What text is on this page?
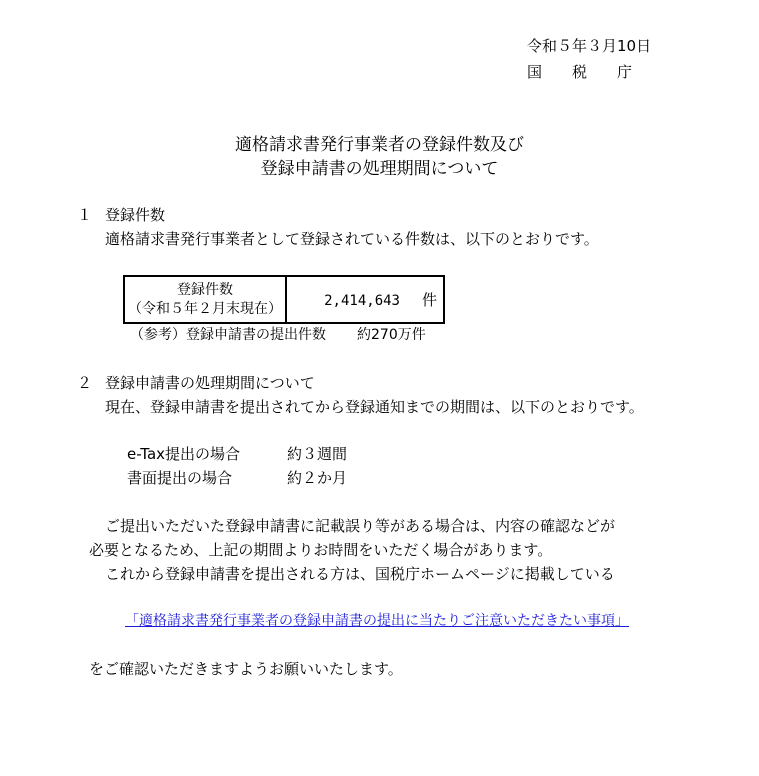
令和５年３月10日
国　　税　　庁
適格請求書発行事業者の登録件数及び
登録申請書の処理期間について
１ 登録件数
適格請求書発行事業者として登録されている件数は、以下のとおりです。
登録件数
（令和５年２月末現在）	2,414,643 件
（参考）登録申請書の提出件数 約270万件
２ 登録申請書の処理期間について
現在、登録申請書を提出されてから登録通知までの期間は、以下のとおりです。
e-Tax提出の場合	約３週間
書面提出の場合	約２か月
ご提出いただいた登録申請書に記載誤り等がある場合は、内容の確認などが
必要となるため、上記の期間よりお時間をいただく場合があります。
これから登録申請書を提出される方は、国税庁ホームページに掲載している
「適格請求書発行事業者の登録申請書の提出に当たりご注意いただきたい事項」
をご確認いただきますようお願いいたします。
